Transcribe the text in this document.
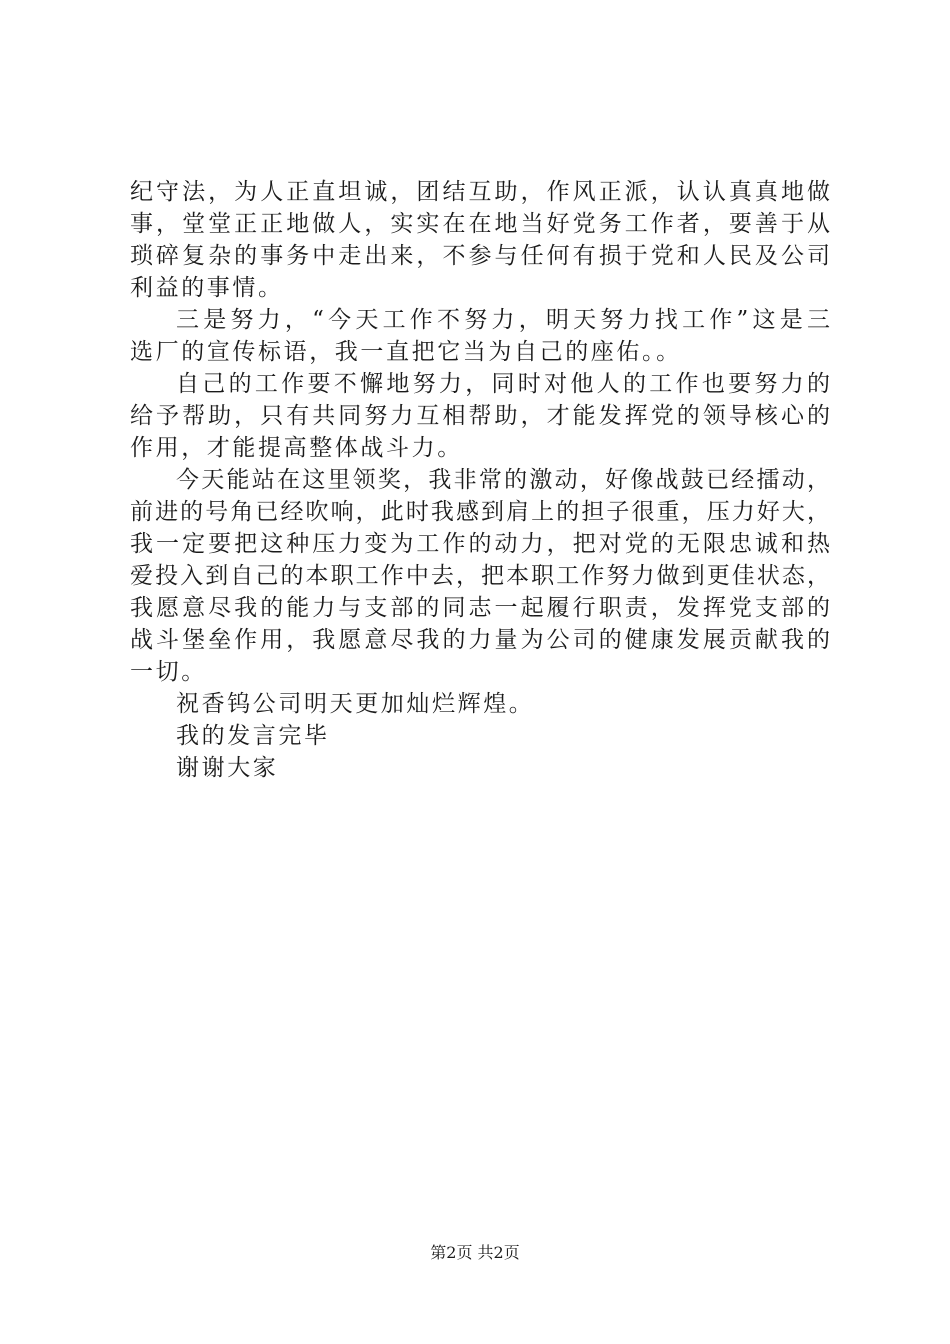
纪守法，为人正直坦诚，团结互助，作风正派，认认真真地做
事，堂堂正正地做人，实实在在地当好党务工作者，要善于从
琐碎复杂的事务中走出来，不参与任何有损于党和人民及公司
利益的事情。
三是努力，“今天工作不努力，明天努力找工作”这是三
选厂的宣传标语，我一直把它当为自己的座佑。。
自己的工作要不懈地努力，同时对他人的工作也要努力的
给予帮助，只有共同努力互相帮助，才能发挥党的领导核心的
作用，才能提高整体战斗力。
今天能站在这里领奖，我非常的激动，好像战鼓已经擂动，
前进的号角已经吹响，此时我感到肩上的担子很重，压力好大，
我一定要把这种压力变为工作的动力，把对党的无限忠诚和热
爱投入到自己的本职工作中去，把本职工作努力做到更佳状态，
我愿意尽我的能力与支部的同志一起履行职责，发挥党支部的
战斗堡垒作用，我愿意尽我的力量为公司的健康发展贡献我的
一切。
祝香钨公司明天更加灿烂辉煌。
我的发言完毕
谢谢大家
第2页 共2页
